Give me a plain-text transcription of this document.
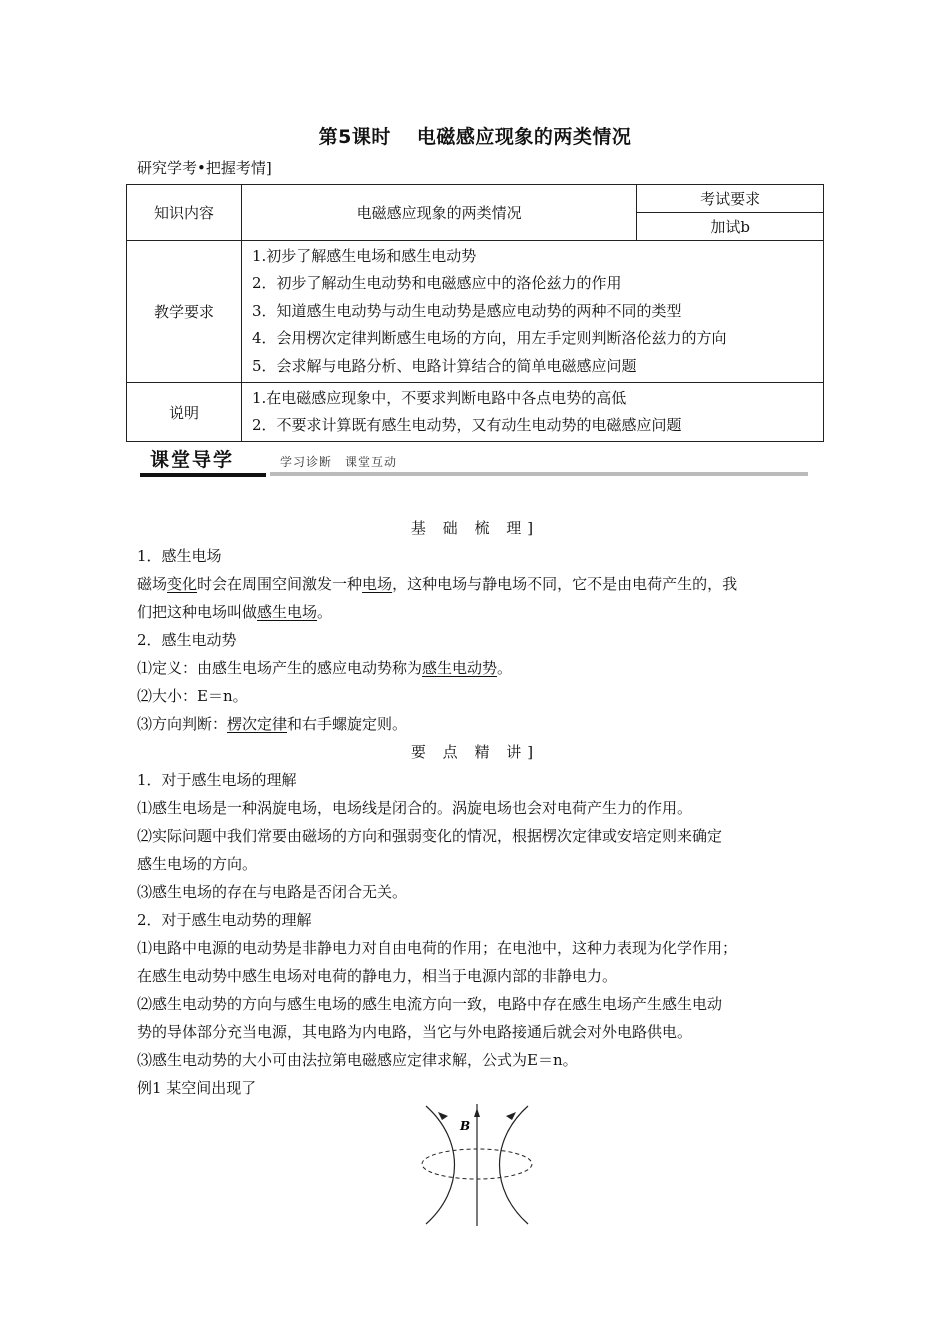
第5课时 电磁感应现象的两类情况
研究学考•把握考情]
知识内容	电磁感应现象的两类情况	考试要求
		加试b
教学要求	1.初步了解感生电场和感生电动势
2．初步了解动生电动势和电磁感应中的洛伦兹力的作用
3．知道感生电动势与动生电动势是感应电动势的两种不同的类型
4．会用楞次定律判断感生电场的方向，用左手定则判断洛伦兹力的方向
5．会求解与电路分析、电路计算结合的简单电磁感应问题	

说明	1.在电磁感应现象中，不要求判断电路中各点电势的高低
2．不要求计算既有感生电动势，又有动生电动势的电磁感应问题	
课堂导学	学习诊断　课堂互动
基 础 梳 理]
1．感生电场
磁场变化时会在周围空间激发一种电场，这种电场与静电场不同，它不是由电荷产生的，我
们把这种电场叫做感生电场。
2．感生电动势
⑴定义：由感生电场产生的感应电动势称为感生电动势。
⑵大小：E＝n。
⑶方向判断：楞次定律和右手螺旋定则。
要 点 精 讲]
1．对于感生电场的理解
⑴感生电场是一种涡旋电场，电场线是闭合的。涡旋电场也会对电荷产生力的作用。
⑵实际问题中我们常要由磁场的方向和强弱变化的情况，根据楞次定律或安培定则来确定
感生电场的方向。
⑶感生电场的存在与电路是否闭合无关。
2．对于感生电动势的理解
⑴电路中电源的电动势是非静电力对自由电荷的作用；在电池中，这种力表现为化学作用；
在感生电动势中感生电场对电荷的静电力，相当于电源内部的非静电力。
⑵感生电动势的方向与感生电场的感生电流方向一致，电路中存在感生电场产生感生电动
势的导体部分充当电源，其电路为内电路，当它与外电路接通后就会对外电路供电。
⑶感生电动势的大小可由法拉第电磁感应定律求解，公式为E＝n。
例1 某空间出现了
B
